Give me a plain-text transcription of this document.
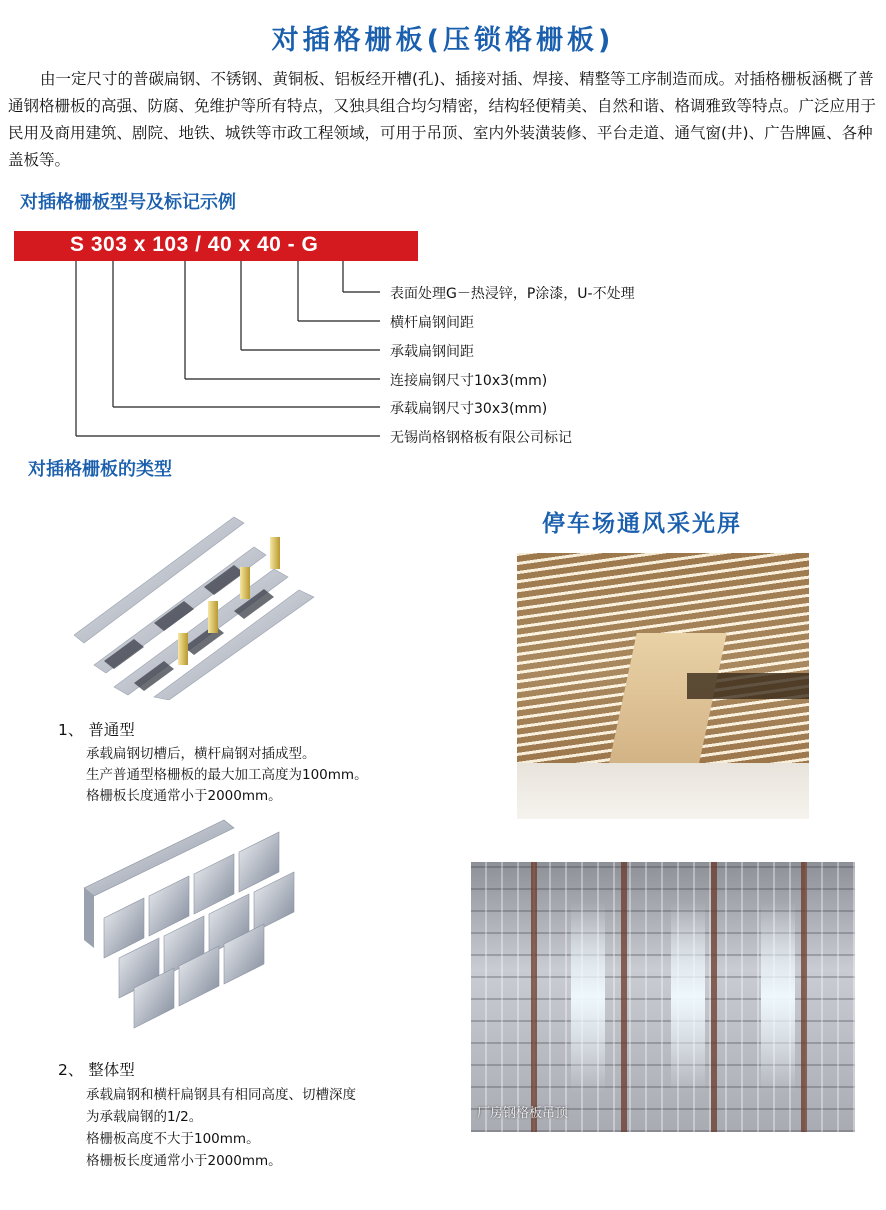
对插格栅板(压锁格栅板)
由一定尺寸的普碳扁钢、不锈钢、黄铜板、铝板经开槽(孔)、插接对插、焊接、精整等工序制造而成。对插格栅板涵概了普通钢格栅板的高强、防腐、免维护等所有特点，又独具组合均匀精密，结构轻便精美、自然和谐、格调雅致等特点。广泛应用于民用及商用建筑、剧院、地铁、城铁等市政工程领域，可用于吊顶、室内外装潢装修、平台走道、通气窗(井)、广告牌匾、各种盖板等。
对插格栅板型号及标记示例
S 303 x 103 / 40 x 40 - G
表面处理G－热浸锌，P涂漆，U-不处理
横杆扁钢间距
承载扁钢间距
连接扁钢尺寸10x3(mm)
承载扁钢尺寸30x3(mm)
无锡尚格钢格板有限公司标记
对插格栅板的类型
停车场通风采光屏
1、 普通型
承载扁钢切槽后，横杆扁钢对插成型。
生产普通型格栅板的最大加工高度为100mm。
格栅板长度通常小于2000mm。
2、 整体型
承载扁钢和横杆扁钢具有相同高度、切槽深度
为承载扁钢的1/2。
格栅板高度不大于100mm。
格栅板长度通常小于2000mm。
厂房钢格板吊顶
